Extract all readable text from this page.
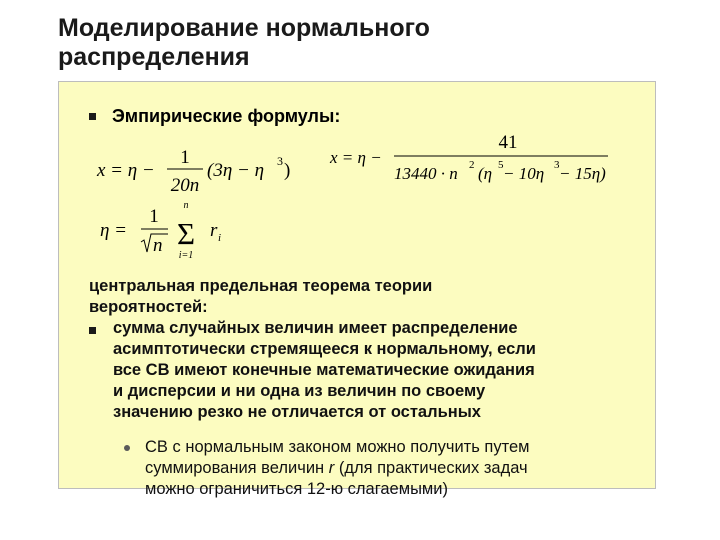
Моделирование нормального
распределения
Эмпирические формулы:
x = η −
1
20n
(3η − η 3 )
x = η −
41
13440 · n 2 (η 5 − 10η 3 − 15η)
η =
1
n
n
Σ
i=1
r i
центральная предельная теорема теории
вероятностей:
сумма случайных величин имеет распределение
асимптотически стремящееся к нормальному, если
все СВ имеют конечные математические ожидания
и дисперсии и ни одна из величин по своему
значению резко не отличается от остальных
СВ с нормальным законом можно получить путем
суммирования величин r (для практических задач
можно ограничиться 12-ю слагаемыми)
